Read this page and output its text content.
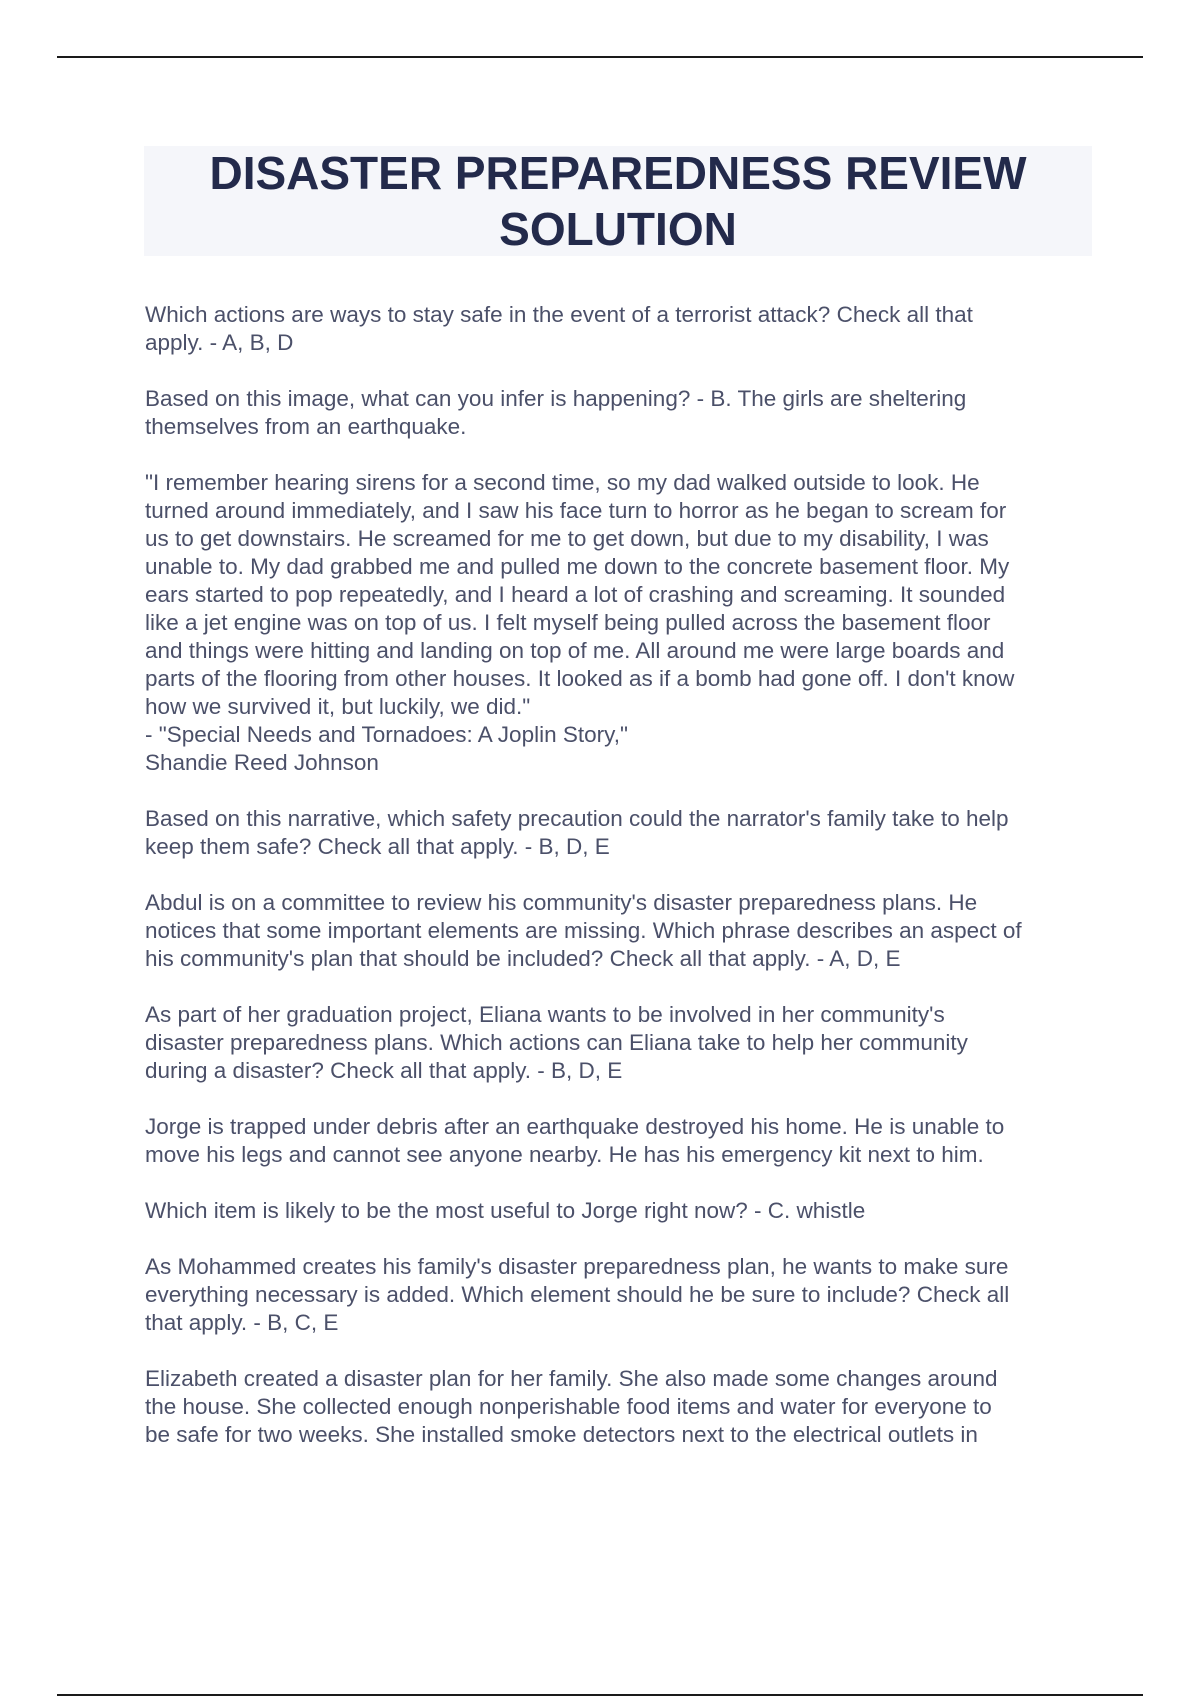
DISASTER PREPAREDNESS REVIEW
SOLUTION

Which actions are ways to stay safe in the event of a terrorist attack? Check all that
apply. - A, B, D

Based on this image, what can you infer is happening? - B. The girls are sheltering
themselves from an earthquake.

"I remember hearing sirens for a second time, so my dad walked outside to look. He
turned around immediately, and I saw his face turn to horror as he began to scream for
us to get downstairs. He screamed for me to get down, but due to my disability, I was
unable to. My dad grabbed me and pulled me down to the concrete basement floor. My
ears started to pop repeatedly, and I heard a lot of crashing and screaming. It sounded
like a jet engine was on top of us. I felt myself being pulled across the basement floor
and things were hitting and landing on top of me. All around me were large boards and
parts of the flooring from other houses. It looked as if a bomb had gone off. I don't know
how we survived it, but luckily, we did."
- "Special Needs and Tornadoes: A Joplin Story,"
Shandie Reed Johnson

Based on this narrative, which safety precaution could the narrator's family take to help
keep them safe? Check all that apply. - B, D, E

Abdul is on a committee to review his community's disaster preparedness plans. He
notices that some important elements are missing. Which phrase describes an aspect of
his community's plan that should be included? Check all that apply. - A, D, E

As part of her graduation project, Eliana wants to be involved in her community's
disaster preparedness plans. Which actions can Eliana take to help her community
during a disaster? Check all that apply. - B, D, E

Jorge is trapped under debris after an earthquake destroyed his home. He is unable to
move his legs and cannot see anyone nearby. He has his emergency kit next to him.

Which item is likely to be the most useful to Jorge right now? - C. whistle

As Mohammed creates his family's disaster preparedness plan, he wants to make sure
everything necessary is added. Which element should he be sure to include? Check all
that apply. - B, C, E

Elizabeth created a disaster plan for her family. She also made some changes around
the house. She collected enough nonperishable food items and water for everyone to
be safe for two weeks. She installed smoke detectors next to the electrical outlets in
